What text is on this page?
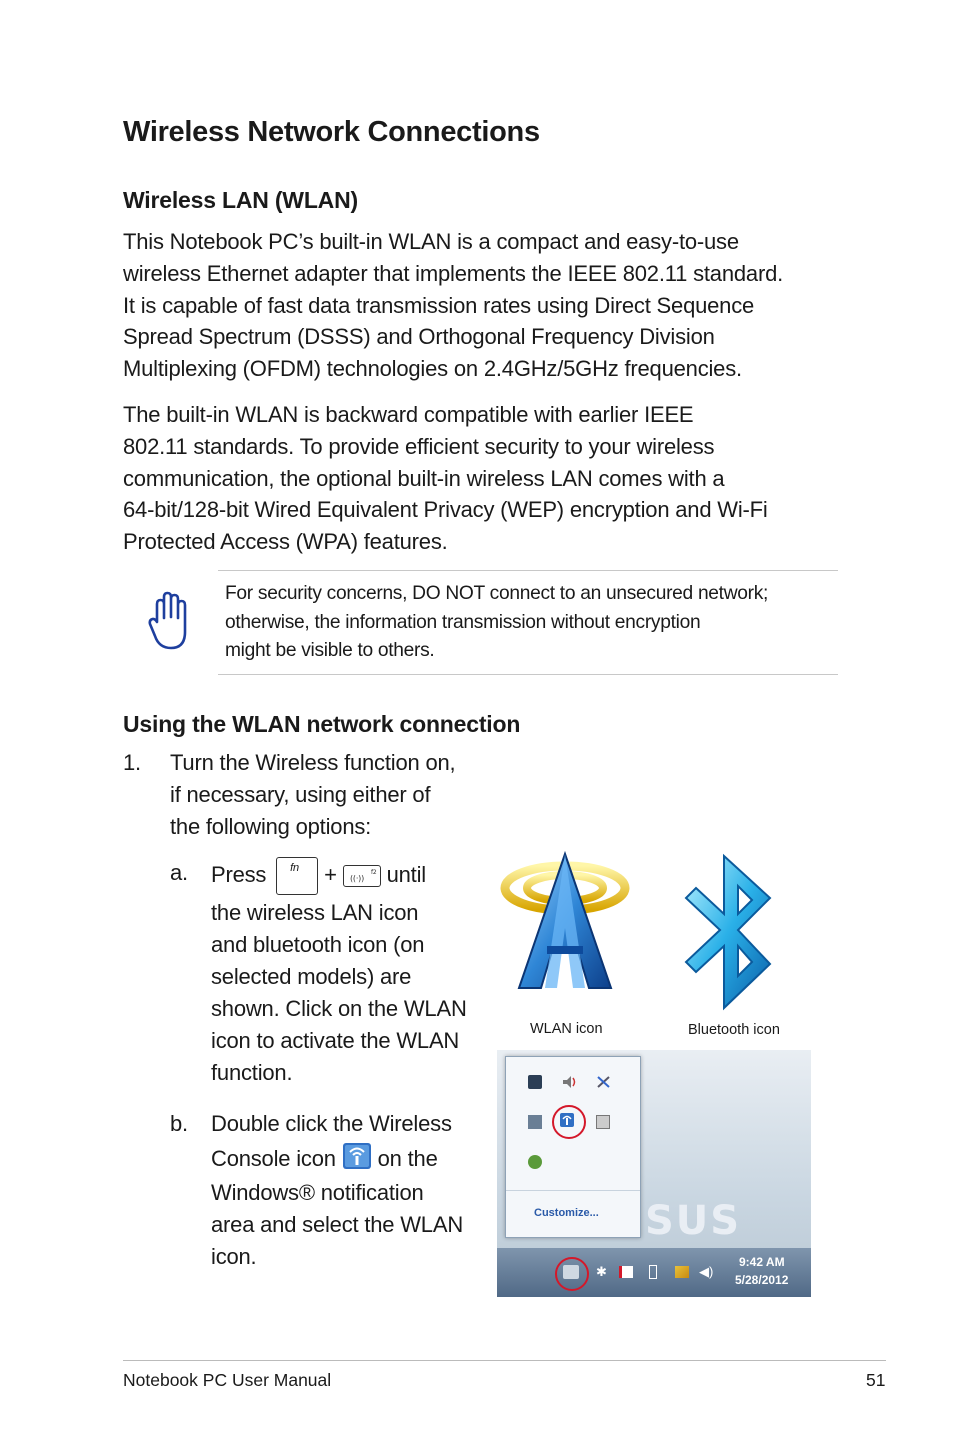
Wireless Network Connections
Wireless LAN (WLAN)
This Notebook PC’s built-in WLAN is a compact and easy-to-use
wireless Ethernet adapter that implements the IEEE 802.11 standard.
It is capable of fast data transmission rates using Direct Sequence
Spread Spectrum (DSSS) and Orthogonal Frequency Division
Multiplexing (OFDM) technologies on 2.4GHz/5GHz frequencies.
The built-in WLAN is backward compatible with earlier IEEE
802.11 standards. To provide efficient security to your wireless
communication, the optional built-in wireless LAN comes with a
64-bit/128-bit Wired Equivalent Privacy (WEP) encryption and Wi-Fi
Protected Access (WPA) features.
For security concerns, DO NOT connect to an unsecured network;
otherwise, the information transmission without encryption
might be visible to others.
Using the WLAN network connection
1. Turn the Wireless function on,
if necessary, using either of
the following options:
a. Press fn + ((·))
f2 until
the wireless LAN icon
and bluetooth icon (on
selected models) are
shown. Click on the WLAN
icon to activate the WLAN
function.
b. Double click the Wireless
Console icon on the
Windows® notification
area and select the WLAN
icon.
WLAN icon	Bluetooth icon
SUS
Customize...
✱	◀)
9:42 AM
5/28/2012
Notebook PC User Manual	51
